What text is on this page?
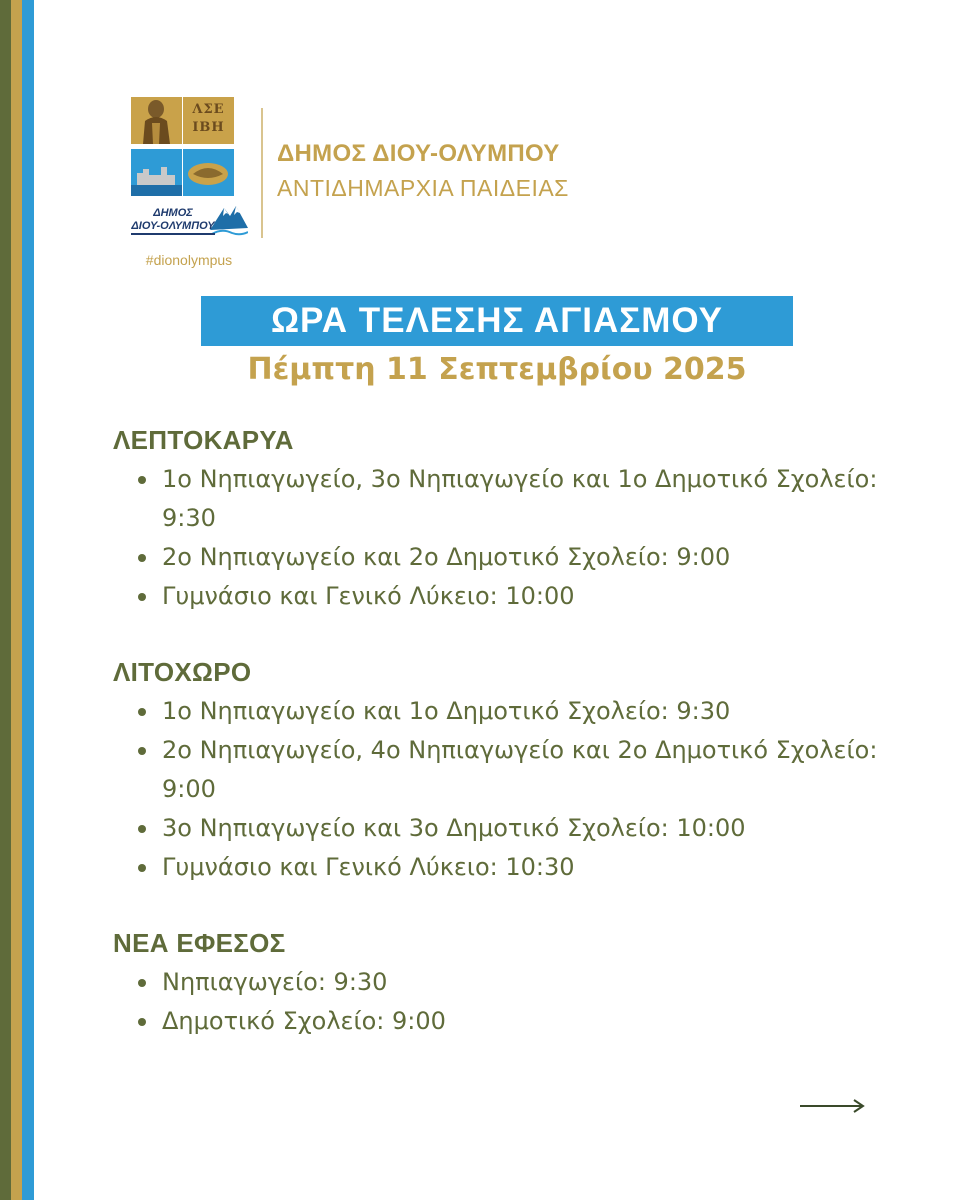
ΛΣΕ ΙΒΗ
ΔΗΜΟΣ
ΔΙΟΥ-ΟΛΥΜΠΟΥ
#dionolympus
ΔΗΜΟΣ ΔΙΟΥ-ΟΛΥΜΠΟΥ
ΑΝΤΙΔΗΜΑΡΧΙΑ ΠΑΙΔΕΙΑΣ
ΩΡΑ ΤΕΛΕΣΗΣ ΑΓΙΑΣΜΟΥ
Πέμπτη 11 Σεπτεμβρίου 2025
ΛΕΠΤΟΚΑΡΥΑ
1ο Νηπιαγωγείο, 3ο Νηπιαγωγείο και 1ο Δημοτικό Σχολείο: 9:30
2ο Νηπιαγωγείο και 2ο Δημοτικό Σχολείο: 9:00
Γυμνάσιο και Γενικό Λύκειο: 10:00
ΛΙΤΟΧΩΡΟ
1ο Νηπιαγωγείο και 1ο Δημοτικό Σχολείο: 9:30
2ο Νηπιαγωγείο, 4ο Νηπιαγωγείο και 2ο Δημοτικό Σχολείο: 9:00
3ο Νηπιαγωγείο και 3ο Δημοτικό Σχολείο: 10:00
Γυμνάσιο και Γενικό Λύκειο: 10:30
ΝΕΑ ΕΦΕΣΟΣ
Νηπιαγωγείο: 9:30
Δημοτικό Σχολείο: 9:00
